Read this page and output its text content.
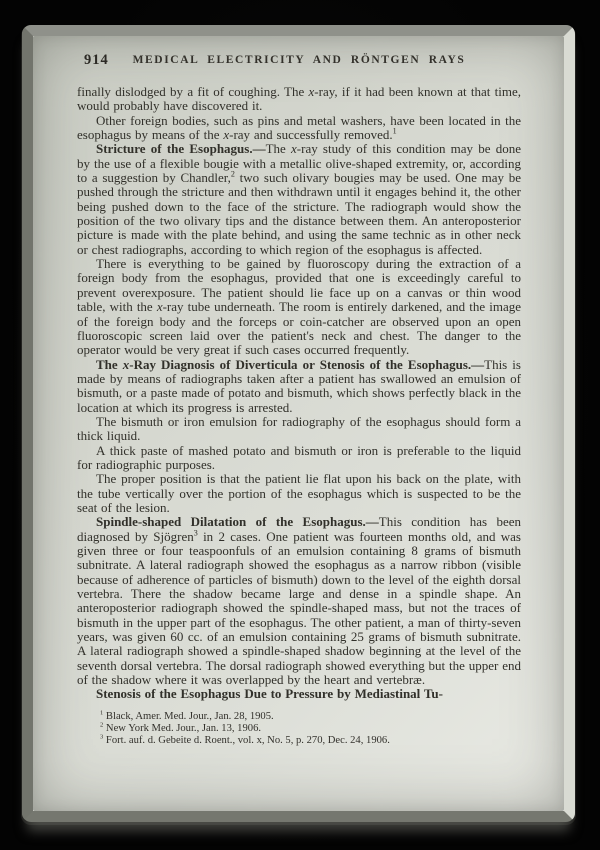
914	MEDICAL ELECTRICITY AND RÖNTGEN RAYS

finally dislodged by a fit of coughing. The x-ray, if it had been known at that time, would probably have discovered it.

Other foreign bodies, such as pins and metal washers, have been located in the esophagus by means of the x-ray and successfully removed.$^1$

Stricture of the Esophagus.—The x-ray study of this condition may be done by the use of a flexible bougie with a metallic olive-shaped extremity, or, according to a suggestion by Chandler,$^2$ two such olivary bougies may be used. One may be pushed through the stricture and then withdrawn until it engages behind it, the other being pushed down to the face of the stricture. The radiograph would show the position of the two olivary tips and the distance between them. An anteroposterior picture is made with the plate behind, and using the same technic as in other neck or chest radiographs, according to which region of the esophagus is affected.

There is everything to be gained by fluoroscopy during the extraction of a foreign body from the esophagus, provided that one is exceedingly careful to prevent overexposure. The patient should lie face up on a canvas or thin wood table, with the x-ray tube underneath. The room is entirely darkened, and the image of the foreign body and the forceps or coin-catcher are observed upon an open fluoroscopic screen laid over the patient's neck and chest. The danger to the operator would be very great if such cases occurred frequently.

The x-Ray Diagnosis of Diverticula or Stenosis of the Esophagus.—This is made by means of radiographs taken after a patient has swallowed an emulsion of bismuth, or a paste made of potato and bismuth, which shows perfectly black in the location at which its progress is arrested.

The bismuth or iron emulsion for radiography of the esophagus should form a thick liquid.

A thick paste of mashed potato and bismuth or iron is preferable to the liquid for radiographic purposes.

The proper position is that the patient lie flat upon his back on the plate, with the tube vertically over the portion of the esophagus which is suspected to be the seat of the lesion.

Spindle-shaped Dilatation of the Esophagus.—This condition has been diagnosed by Sjögren$^3$ in 2 cases. One patient was fourteen months old, and was given three or four teaspoonfuls of an emulsion containing 8 grams of bismuth subnitrate. A lateral radiograph showed the esophagus as a narrow ribbon (visible because of adherence of particles of bismuth) down to the level of the eighth dorsal vertebra. There the shadow became large and dense in a spindle shape. An anteroposterior radiograph showed the spindle-shaped mass, but not the traces of bismuth in the upper part of the esophagus. The other patient, a man of thirty-seven years, was given 60 cc. of an emulsion containing 25 grams of bismuth subnitrate. A lateral radiograph showed a spindle-shaped shadow beginning at the level of the seventh dorsal vertebra. The dorsal radiograph showed everything but the upper end of the shadow where it was overlapped by the heart and vertebræ.

Stenosis of the Esophagus Due to Pressure by Mediastinal Tu-

$^1$ Black, Amer. Med. Jour., Jan. 28, 1905.
$^2$ New York Med. Jour., Jan. 13, 1906.
$^3$ Fort. auf. d. Gebeite d. Roent., vol. x, No. 5, p. 270, Dec. 24, 1906.
